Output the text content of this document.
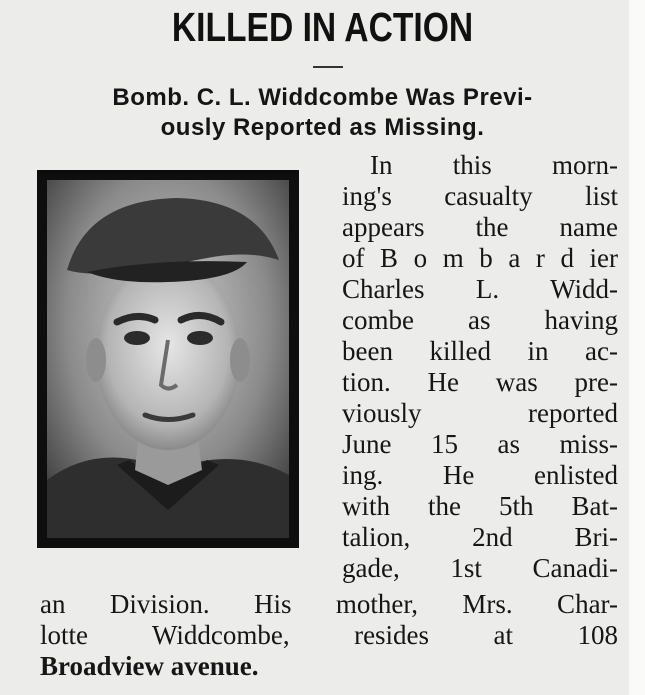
KILLED IN ACTION
Bomb. C. L. Widdcombe Was Previ-
ously Reported as Missing.
In this morn-
ing's casualty list
appears the name
of B o m b a r d ier
Charles L. Widd-
combe as having
been killed in ac-
tion. He was pre-
viously reported
June 15 as miss-
ing. He enlisted
with the 5th Bat-
talion, 2nd Bri-
gade, 1st Canadi-
an Division. His mother, Mrs. Char-
lotte Widdcombe, resides at 108
Broadview avenue.
